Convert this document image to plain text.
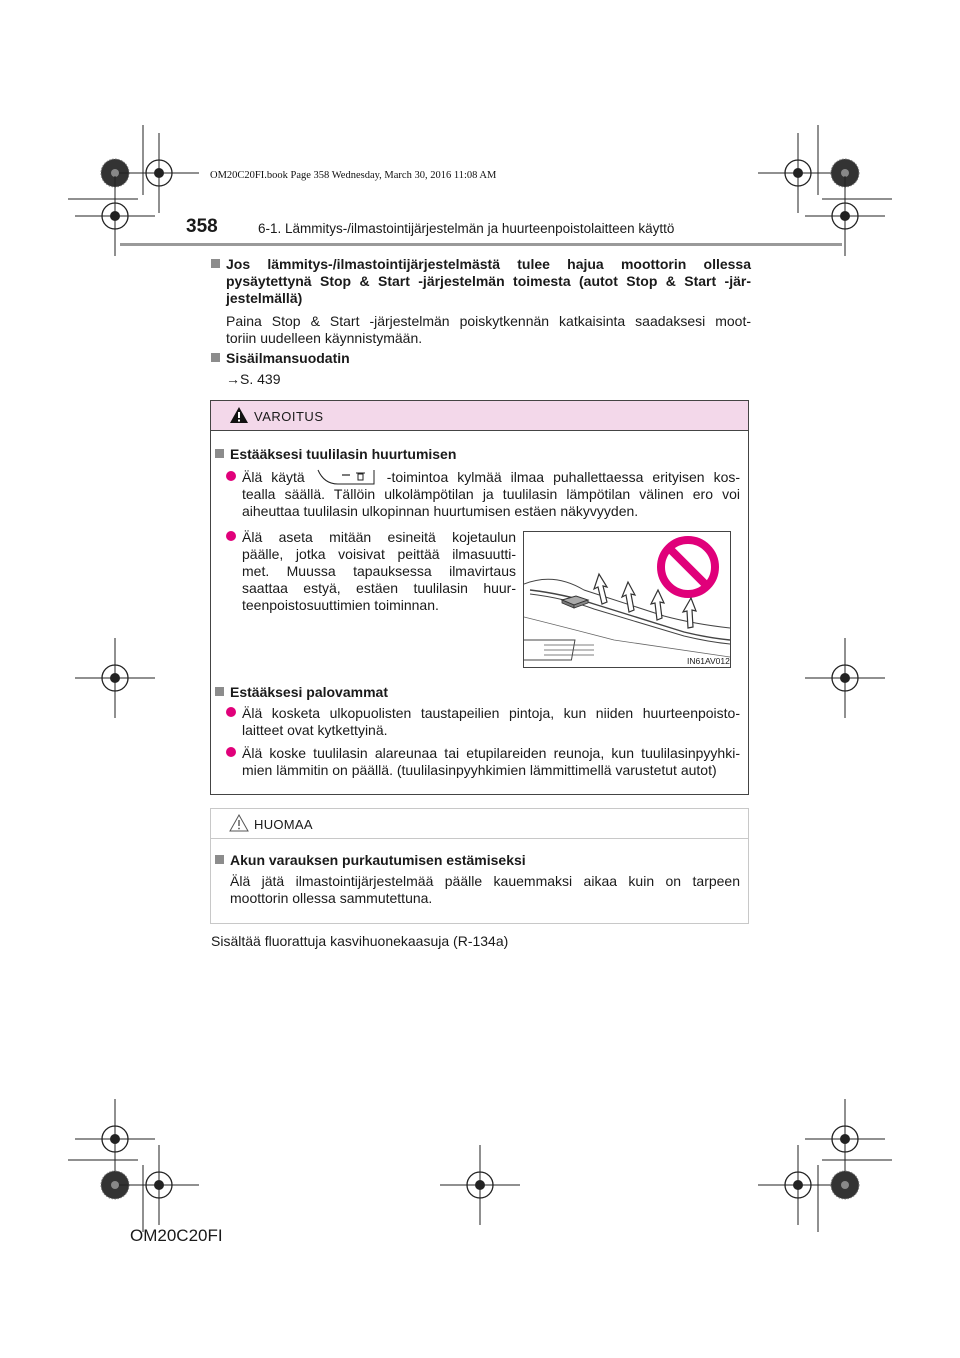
OM20C20FI.book Page 358 Wednesday, March 30, 2016 11:08 AM
358	6-1. Lämmitys-/ilmastointijärjestelmän ja huurteenpoistolaitteen käyttö
Jos lämmitys-/ilmastointijärjestelmästä tulee hajua moottorin ollessa
pysäytettynä Stop & Start -järjestelmän toimesta (autot Stop & Start -jär-
jestelmällä)
Paina Stop & Start -järjestelmän poiskytkennän katkaisinta saadaksesi moot-
toriin uudelleen käynnistymään.
Sisäilmansuodatin
→S. 439
VAROITUS
Estääksesi tuulilasin huurtumisen
Älä käytä	-toimintoa kylmää ilmaa puhallettaessa erityisen kos-
tealla säällä. Tällöin ulkolämpötilan ja tuulilasin lämpötilan välinen ero voi
aiheuttaa tuulilasin ulkopinnan huurtumisen estäen näkyvyyden.
Älä aseta mitään esineitä kojetaulun
päälle, jotka voisivat peittää ilmasuutti-
met. Muussa tapauksessa ilmavirtaus
saattaa estyä, estäen tuulilasin huur-
teenpoistosuuttimien toiminnan.
Estääksesi palovammat
Älä kosketa ulkopuolisten taustapeilien pintoja, kun niiden huurteenpoisto-
laitteet ovat kytkettyinä.
Älä koske tuulilasin alareunaa tai etupilareiden reunoja, kun tuulilasinpyyhki-
mien lämmitin on päällä. (tuulilasinpyyhkimien lämmittimellä varustetut autot)
IN61AV012
HUOMAA
Akun varauksen purkautumisen estämiseksi
Älä jätä ilmastointijärjestelmää päälle kauemmaksi aikaa kuin on tarpeen
moottorin ollessa sammutettuna.
Sisältää fluorattuja kasvihuonekaasuja (R-134a)
OM20C20FI
